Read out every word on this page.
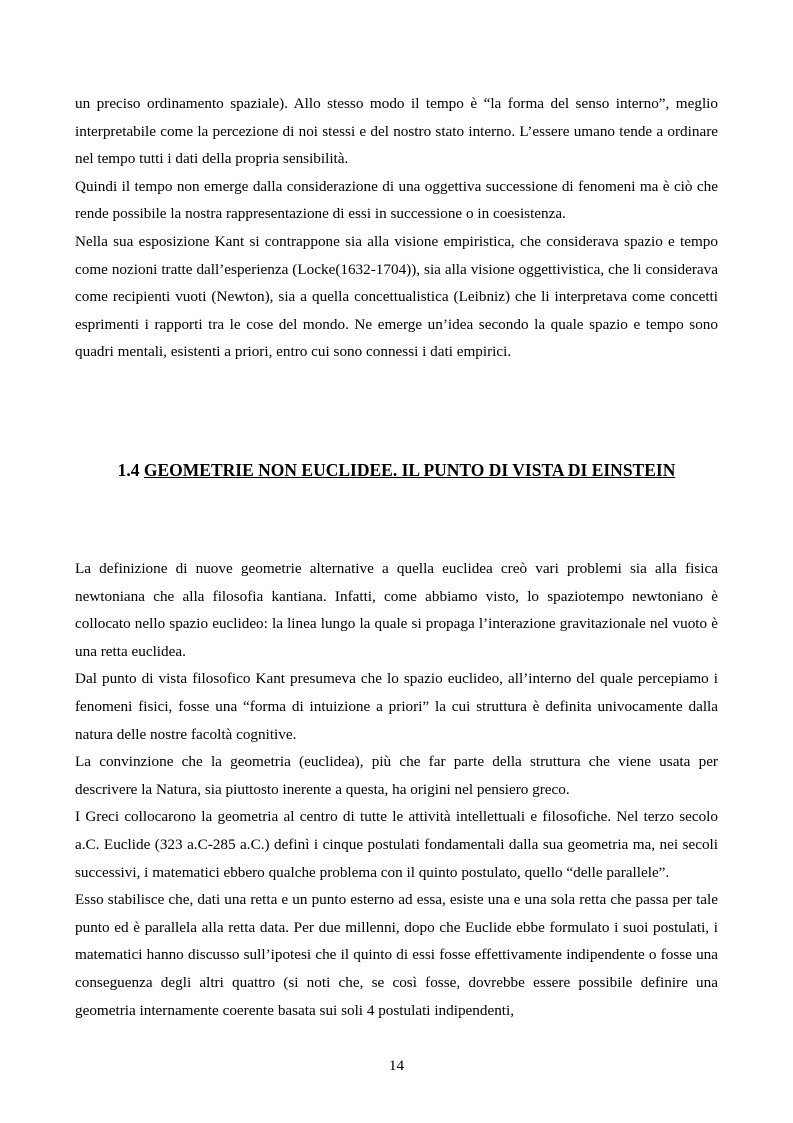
un preciso ordinamento spaziale). Allo stesso modo il tempo è “la forma del senso interno”, meglio interpretabile come la percezione di noi stessi e del nostro stato interno. L’essere umano tende a ordinare nel tempo tutti i dati della propria sensibilità.

Quindi il tempo non emerge dalla considerazione di una oggettiva successione di fenomeni ma è ciò che rende possibile la nostra rappresentazione di essi in successione o in coesistenza.

Nella sua esposizione Kant si contrappone sia alla visione empiristica, che considerava spazio e tempo come nozioni tratte dall’esperienza (Locke(1632-1704)), sia alla visione oggettivistica, che li considerava come recipienti vuoti (Newton), sia a quella concettualistica (Leibniz) che li interpretava come concetti esprimenti i rapporti tra le cose del mondo. Ne emerge un’idea secondo la quale spazio e tempo sono quadri mentali, esistenti a priori, entro cui sono connessi i dati empirici.

1.4 GEOMETRIE NON EUCLIDEE. IL PUNTO DI VISTA DI EINSTEIN

La definizione di nuove geometrie alternative a quella euclidea creò vari problemi sia alla fisica newtoniana che alla filosofia kantiana. Infatti, come abbiamo visto, lo spaziotempo newtoniano è collocato nello spazio euclideo: la linea lungo la quale si propaga l’interazione gravitazionale nel vuoto è una retta euclidea.

Dal punto di vista filosofico Kant presumeva che lo spazio euclideo, all’interno del quale percepiamo i fenomeni fisici, fosse una “forma di intuizione a priori” la cui struttura è definita univocamente dalla natura delle nostre facoltà cognitive.

La convinzione che la geometria (euclidea), più che far parte della struttura che viene usata per descrivere la Natura, sia piuttosto inerente a questa, ha origini nel pensiero greco.

I Greci collocarono la geometria al centro di tutte le attività intellettuali e filosofiche. Nel terzo secolo a.C. Euclide (323 a.C-285 a.C.) definì i cinque postulati fondamentali dalla sua geometria ma, nei secoli successivi, i matematici ebbero qualche problema con il quinto postulato, quello “delle parallele”.

Esso stabilisce che, dati una retta e un punto esterno ad essa, esiste una e una sola retta che passa per tale punto ed è parallela alla retta data. Per due millenni, dopo che Euclide ebbe formulato i suoi postulati, i matematici hanno discusso sull’ipotesi che il quinto di essi fosse effettivamente indipendente o fosse una conseguenza degli altri quattro (si noti che, se così fosse, dovrebbe essere possibile definire una geometria internamente coerente basata sui soli 4 postulati indipendenti,

14
